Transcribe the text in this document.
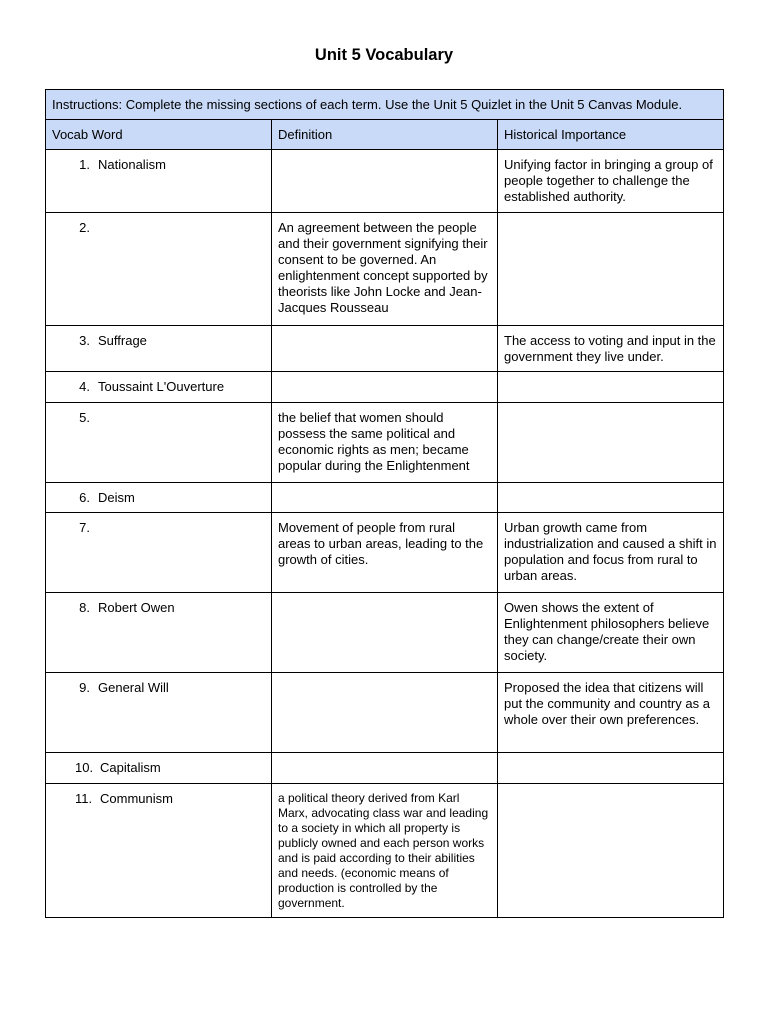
Unit 5 Vocabulary
Instructions: Complete the missing sections of each term. Use the Unit 5 Quizlet in the Unit 5 Canvas Module.		
Vocab Word	Definition	Historical Importance

1. Nationalism		Unifying factor in bringing a group of people together to challenge the established authority.

2.	An agreement between the people and their government signifying their consent to be governed. An enlightenment concept supported by theorists like John Locke and Jean-Jacques Rousseau	

3. Suffrage		The access to voting and input in the government they live under.

4. Toussaint L'Ouverture		

5.	the belief that women should possess the same political and economic rights as men; became popular during the Enlightenment	

6. Deism		

7.	Movement of people from rural areas to urban areas, leading to the growth of cities.	Urban growth came from industrialization and caused a shift in population and focus from rural to urban areas.

8. Robert Owen		Owen shows the extent of Enlightenment philosophers believe they can change/create their own society.

9. General Will		Proposed the idea that citizens will put the community and country as a whole over their own preferences.

10. Capitalism		

11. Communism	a political theory derived from Karl Marx, advocating class war and leading to a society in which all property is publicly owned and each person works and is paid according to their abilities and needs. (economic means of production is controlled by the government.	
